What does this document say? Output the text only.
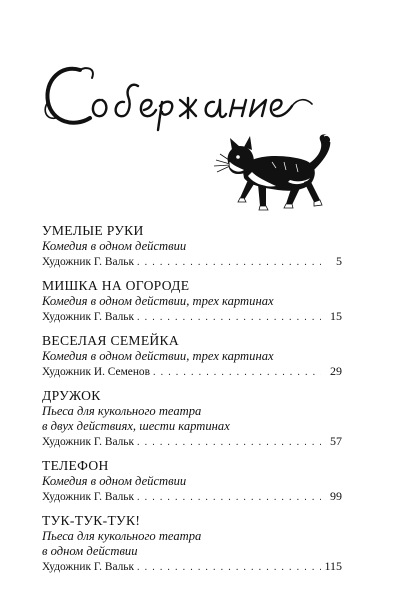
УМЕЛЫЕ РУКИ
Комедия в одном действии
Художник Г. Вальк . . .	5
МИШКА НА ОГОРОДЕ
Комедия в одном действии, трех картинах
Художник Г. Вальк . . .	15
ВЕСЕЛАЯ СЕМЕЙКА
Комедия в одном действии, трех картинах
Художник И. Семенов . . .	29
ДРУЖОК
Пьеса для кукольного театра
в двух действиях, шести картинах
Художник Г. Вальк . . .	57
ТЕЛЕФОН
Комедия в одном действии
Художник Г. Вальк . . .	99
ТУК-ТУК-ТУК!
Пьеса для кукольного театра
в одном действии
Художник Г. Вальк . . .	115
